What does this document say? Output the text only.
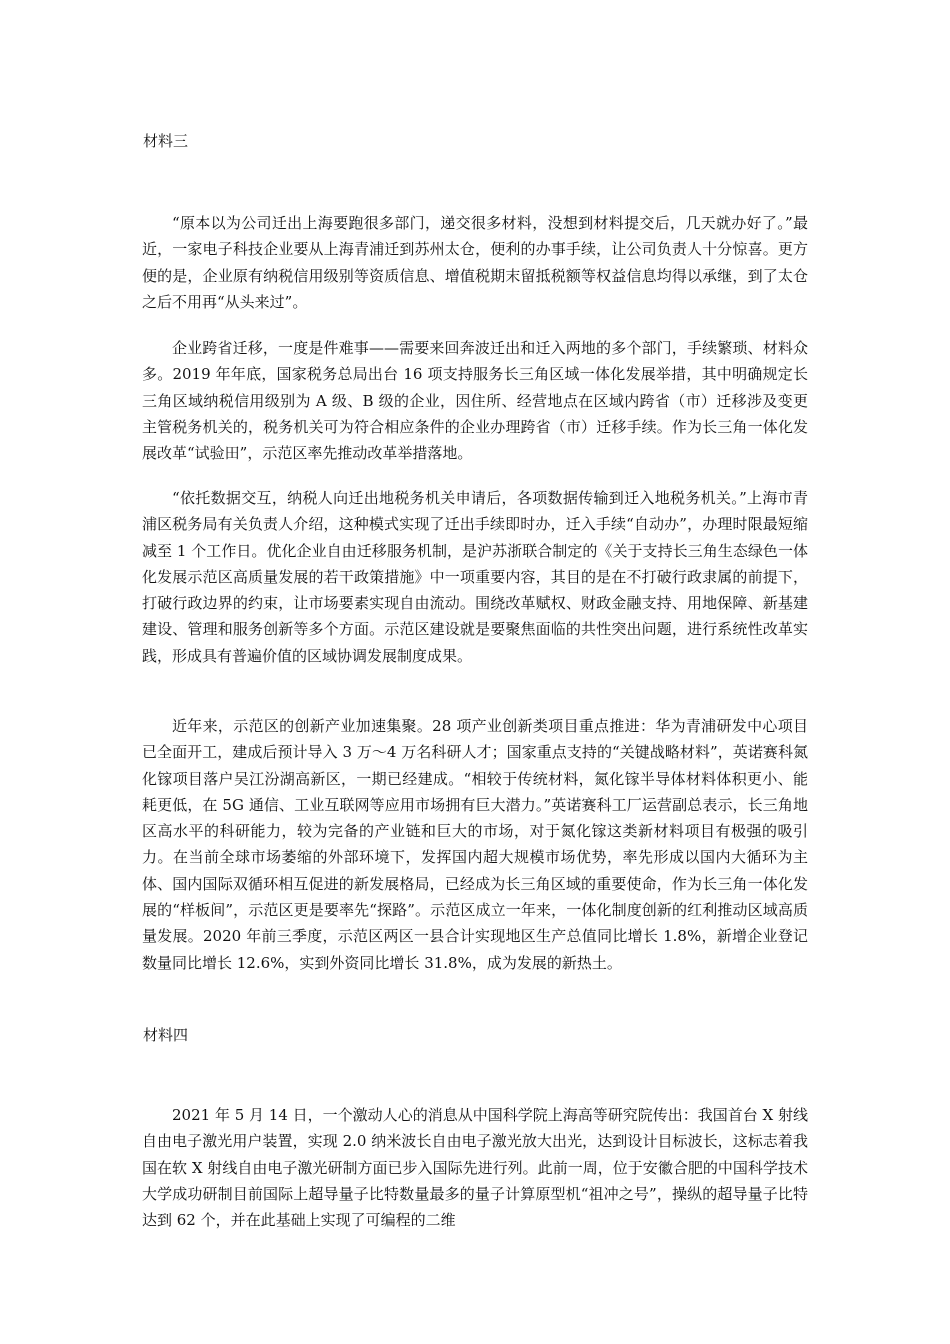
材料三

“原本以为公司迁出上海要跑很多部门，递交很多材料，没想到材料提交后，几天就办好了。”最近，一家电子科技企业要从上海青浦迁到苏州太仓，便利的办事手续，让公司负责人十分惊喜。更方便的是，企业原有纳税信用级别等资质信息、增值税期末留抵税额等权益信息均得以承继，到了太仓之后不用再“从头来过”。

企业跨省迁移，一度是件难事——需要来回奔波迁出和迁入两地的多个部门，手续繁琐、材料众多。2019 年年底，国家税务总局出台 16 项支持服务长三角区域一体化发展举措，其中明确规定长三角区域纳税信用级别为 A 级、B 级的企业，因住所、经营地点在区域内跨省（市）迁移涉及变更主管税务机关的，税务机关可为符合相应条件的企业办理跨省（市）迁移手续。作为长三角一体化发展改革“试验田”，示范区率先推动改革举措落地。

“依托数据交互，纳税人向迁出地税务机关申请后，各项数据传输到迁入地税务机关。”上海市青浦区税务局有关负责人介绍，这种模式实现了迁出手续即时办，迁入手续“自动办”，办理时限最短缩减至 1 个工作日。优化企业自由迁移服务机制，是沪苏浙联合制定的《关于支持长三角生态绿色一体化发展示范区高质量发展的若干政策措施》中一项重要内容，其目的是在不打破行政隶属的前提下，打破行政边界的约束，让市场要素实现自由流动。围绕改革赋权、财政金融支持、用地保障、新基建建设、管理和服务创新等多个方面。示范区建设就是要聚焦面临的共性突出问题，进行系统性改革实践，形成具有普遍价值的区域协调发展制度成果。

近年来，示范区的创新产业加速集聚。28 项产业创新类项目重点推进：华为青浦研发中心项目已全面开工，建成后预计导入 3 万～4 万名科研人才；国家重点支持的“关键战略材料”，英诺赛科氮化镓项目落户吴江汾湖高新区，一期已经建成。“相较于传统材料，氮化镓半导体材料体积更小、能耗更低，在 5G 通信、工业互联网等应用市场拥有巨大潜力。”英诺赛科工厂运营副总表示，长三角地区高水平的科研能力，较为完备的产业链和巨大的市场，对于氮化镓这类新材料项目有极强的吸引力。在当前全球市场萎缩的外部环境下，发挥国内超大规模市场优势，率先形成以国内大循环为主体、国内国际双循环相互促进的新发展格局，已经成为长三角区域的重要使命，作为长三角一体化发展的“样板间”，示范区更是要率先“探路”。示范区成立一年来，一体化制度创新的红利推动区域高质量发展。2020 年前三季度，示范区两区一县合计实现地区生产总值同比增长 1.8%，新增企业登记数量同比增长 12.6%，实到外资同比增长 31.8%，成为发展的新热土。

材料四

2021 年 5 月 14 日，一个激动人心的消息从中国科学院上海高等研究院传出：我国首台 X 射线自由电子激光用户装置，实现 2.0 纳米波长自由电子激光放大出光，达到设计目标波长，这标志着我国在软 X 射线自由电子激光研制方面已步入国际先进行列。此前一周，位于安徽合肥的中国科学技术大学成功研制目前国际上超导量子比特数量最多的量子计算原型机“祖冲之号”，操纵的超导量子比特达到 62 个，并在此基础上实现了可编程的二维
